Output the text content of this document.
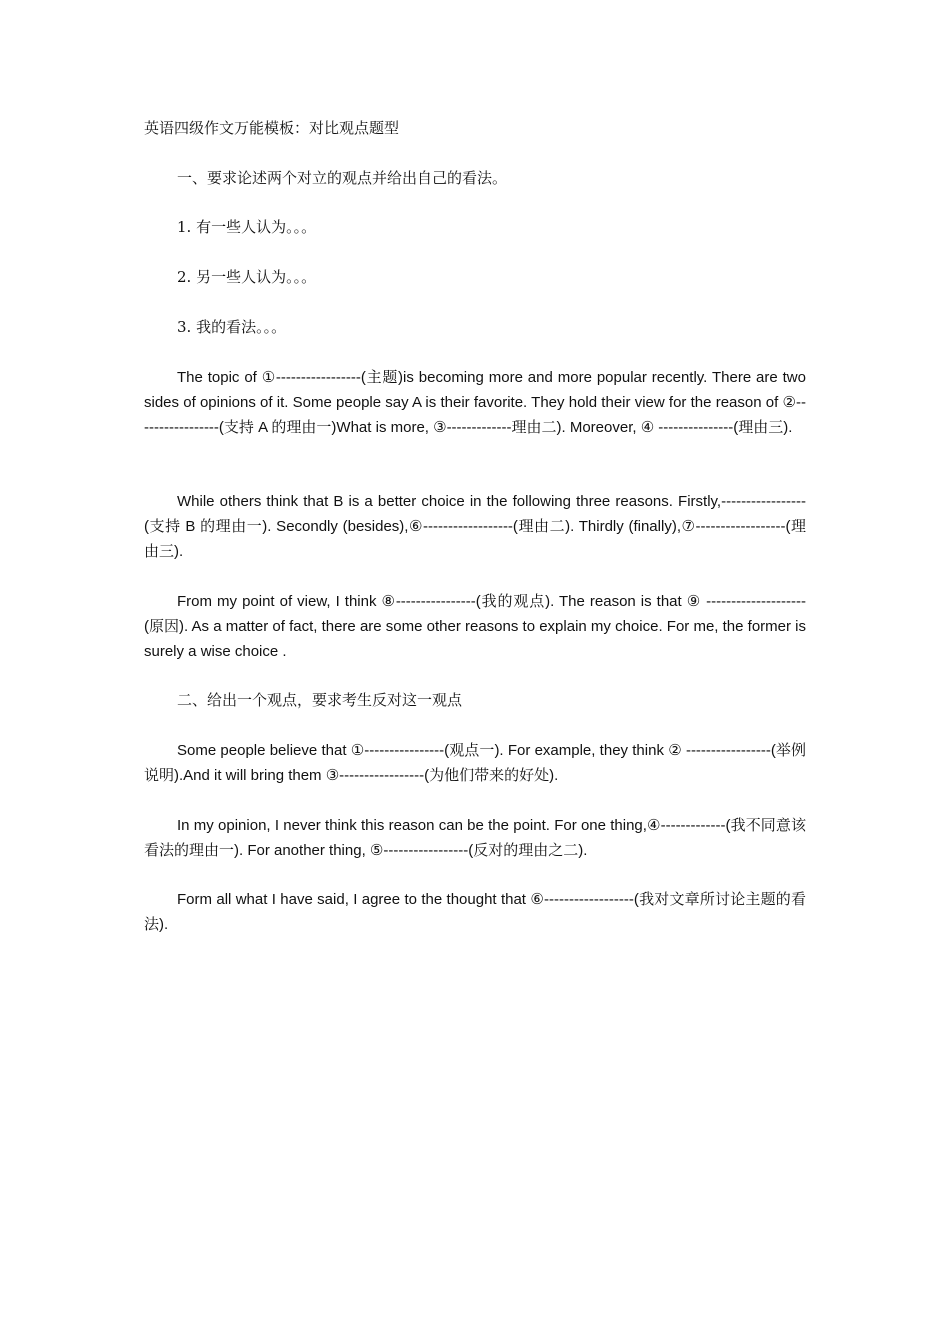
英语四级作文万能模板：对比观点题型

一、要求论述两个对立的观点并给出自己的看法。

1. 有一些人认为。。。

2. 另一些人认为。。。

3. 我的看法。。。

The topic of ①-----------------(主题)is becoming more and more popular recently. There are two sides of opinions of it. Some people say A is their favorite. They hold their view for the reason of ②-----------------(支持 A 的理由一)What is more, ③-------------理由二). Moreover, ④ ---------------(理由三).

While others think that B is a better choice in the following three reasons. Firstly,-----------------(支持 B 的理由一). Secondly (besides),⑥------------------(理由二). Thirdly (finally),⑦------------------(理由三).

From my point of view, I think ⑧----------------(我的观点). The reason is that ⑨ --------------------(原因). As a matter of fact, there are some other reasons to explain my choice. For me, the former is surely a wise choice .

二、给出一个观点，要求考生反对这一观点

Some people believe that ①----------------(观点一). For example, they think ② -----------------(举例说明).And it will bring them ③-----------------(为他们带来的好处).

In my opinion, I never think this reason can be the point. For one thing,④-------------(我不同意该看法的理由一). For another thing, ⑤-----------------(反对的理由之二).

Form all what I have said, I agree to the thought that ⑥------------------(我对文章所讨论主题的看法).
